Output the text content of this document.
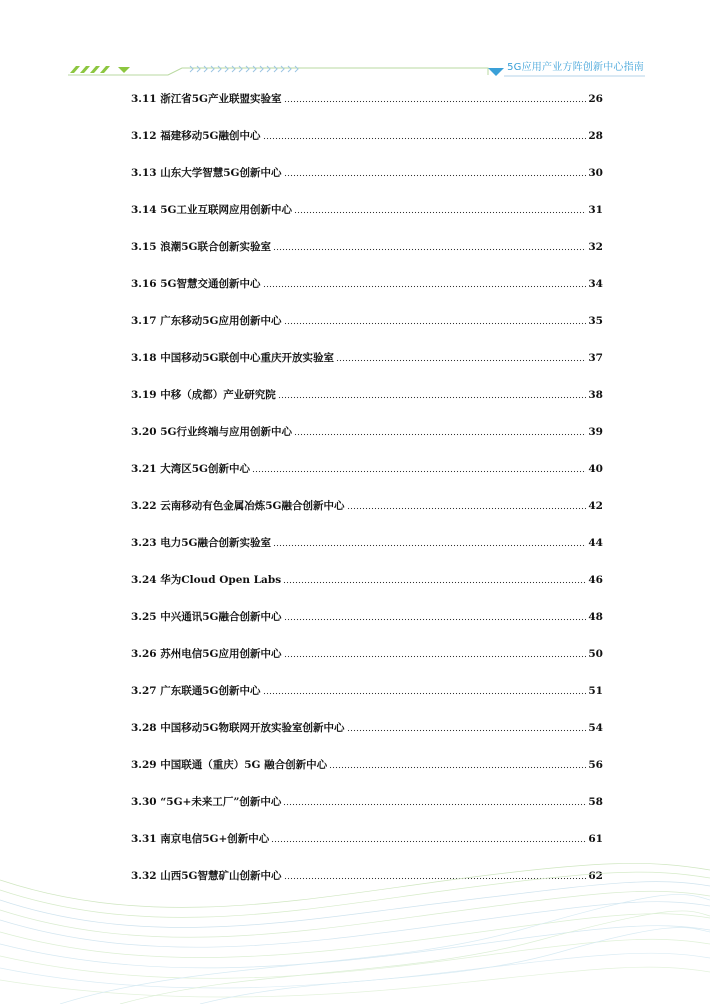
5G应用产业方阵创新中心指南
3.11 浙江省5G产业联盟实验室	26
3.12 福建移动5G融创中心	28
3.13 山东大学智慧5G创新中心	30
3.14 5G工业互联网应用创新中心	31
3.15 浪潮5G联合创新实验室	32
3.16 5G智慧交通创新中心	34
3.17 广东移动5G应用创新中心	35
3.18 中国移动5G联创中心重庆开放实验室	37
3.19 中移（成都）产业研究院	38
3.20 5G行业终端与应用创新中心	39
3.21 大湾区5G创新中心	40
3.22 云南移动有色金属冶炼5G融合创新中心	42
3.23 电力5G融合创新实验室	44
3.24 华为Cloud Open Labs	46
3.25 中兴通讯5G融合创新中心	48
3.26 苏州电信5G应用创新中心	50
3.27 广东联通5G创新中心	51
3.28 中国移动5G物联网开放实验室创新中心	54
3.29 中国联通（重庆）5G 融合创新中心	56
3.30 “5G+未来工厂”创新中心	58
3.31 南京电信5G+创新中心	61
3.32 山西5G智慧矿山创新中心	62
